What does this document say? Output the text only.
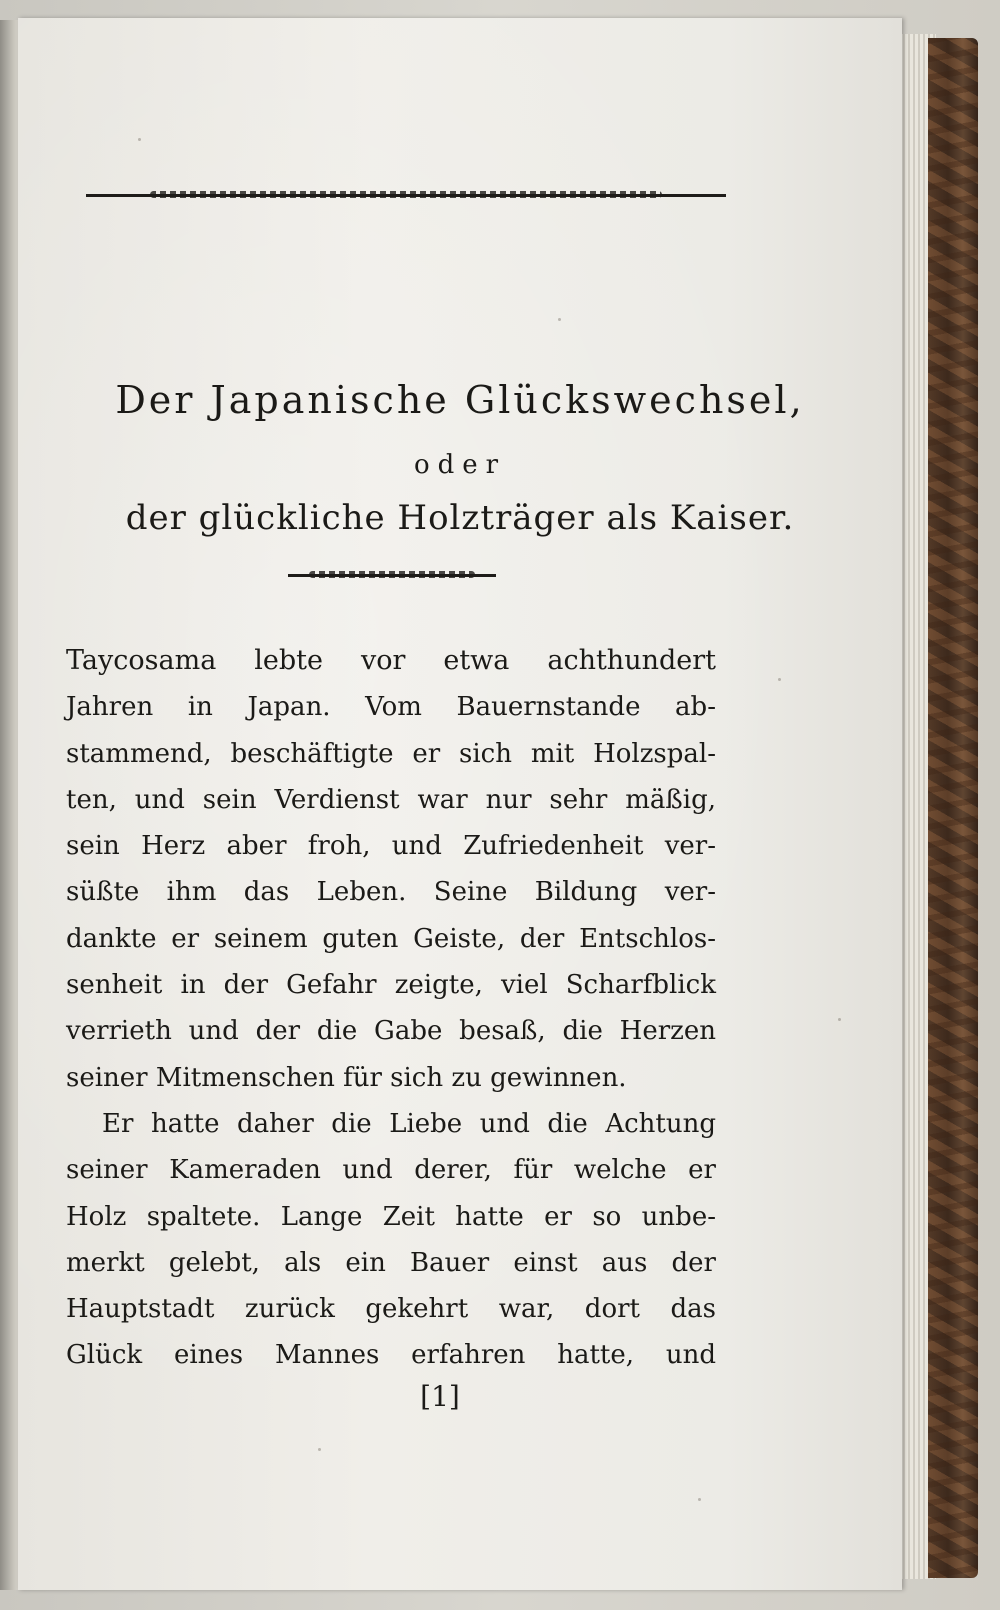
Der Japanische Glückswechsel,
oder
der glückliche Holzträger als Kaiser.
Taycosama lebte vor etwa achthundert
Jahren in Japan. Vom Bauernstande ab-
stammend, beschäftigte er sich mit Holzspal-
ten, und sein Verdienst war nur sehr mäßig,
sein Herz aber froh, und Zufriedenheit ver-
süßte ihm das Leben. Seine Bildung ver-
dankte er seinem guten Geiste, der Entschlos-
senheit in der Gefahr zeigte, viel Scharfblick
verrieth und der die Gabe besaß, die Herzen
seiner Mitmenschen für sich zu gewinnen.
Er hatte daher die Liebe und die Achtung
seiner Kameraden und derer, für welche er
Holz spaltete. Lange Zeit hatte er so unbe-
merkt gelebt, als ein Bauer einst aus der
Hauptstadt zurück gekehrt war, dort das
Glück eines Mannes erfahren hatte, und
[1]
